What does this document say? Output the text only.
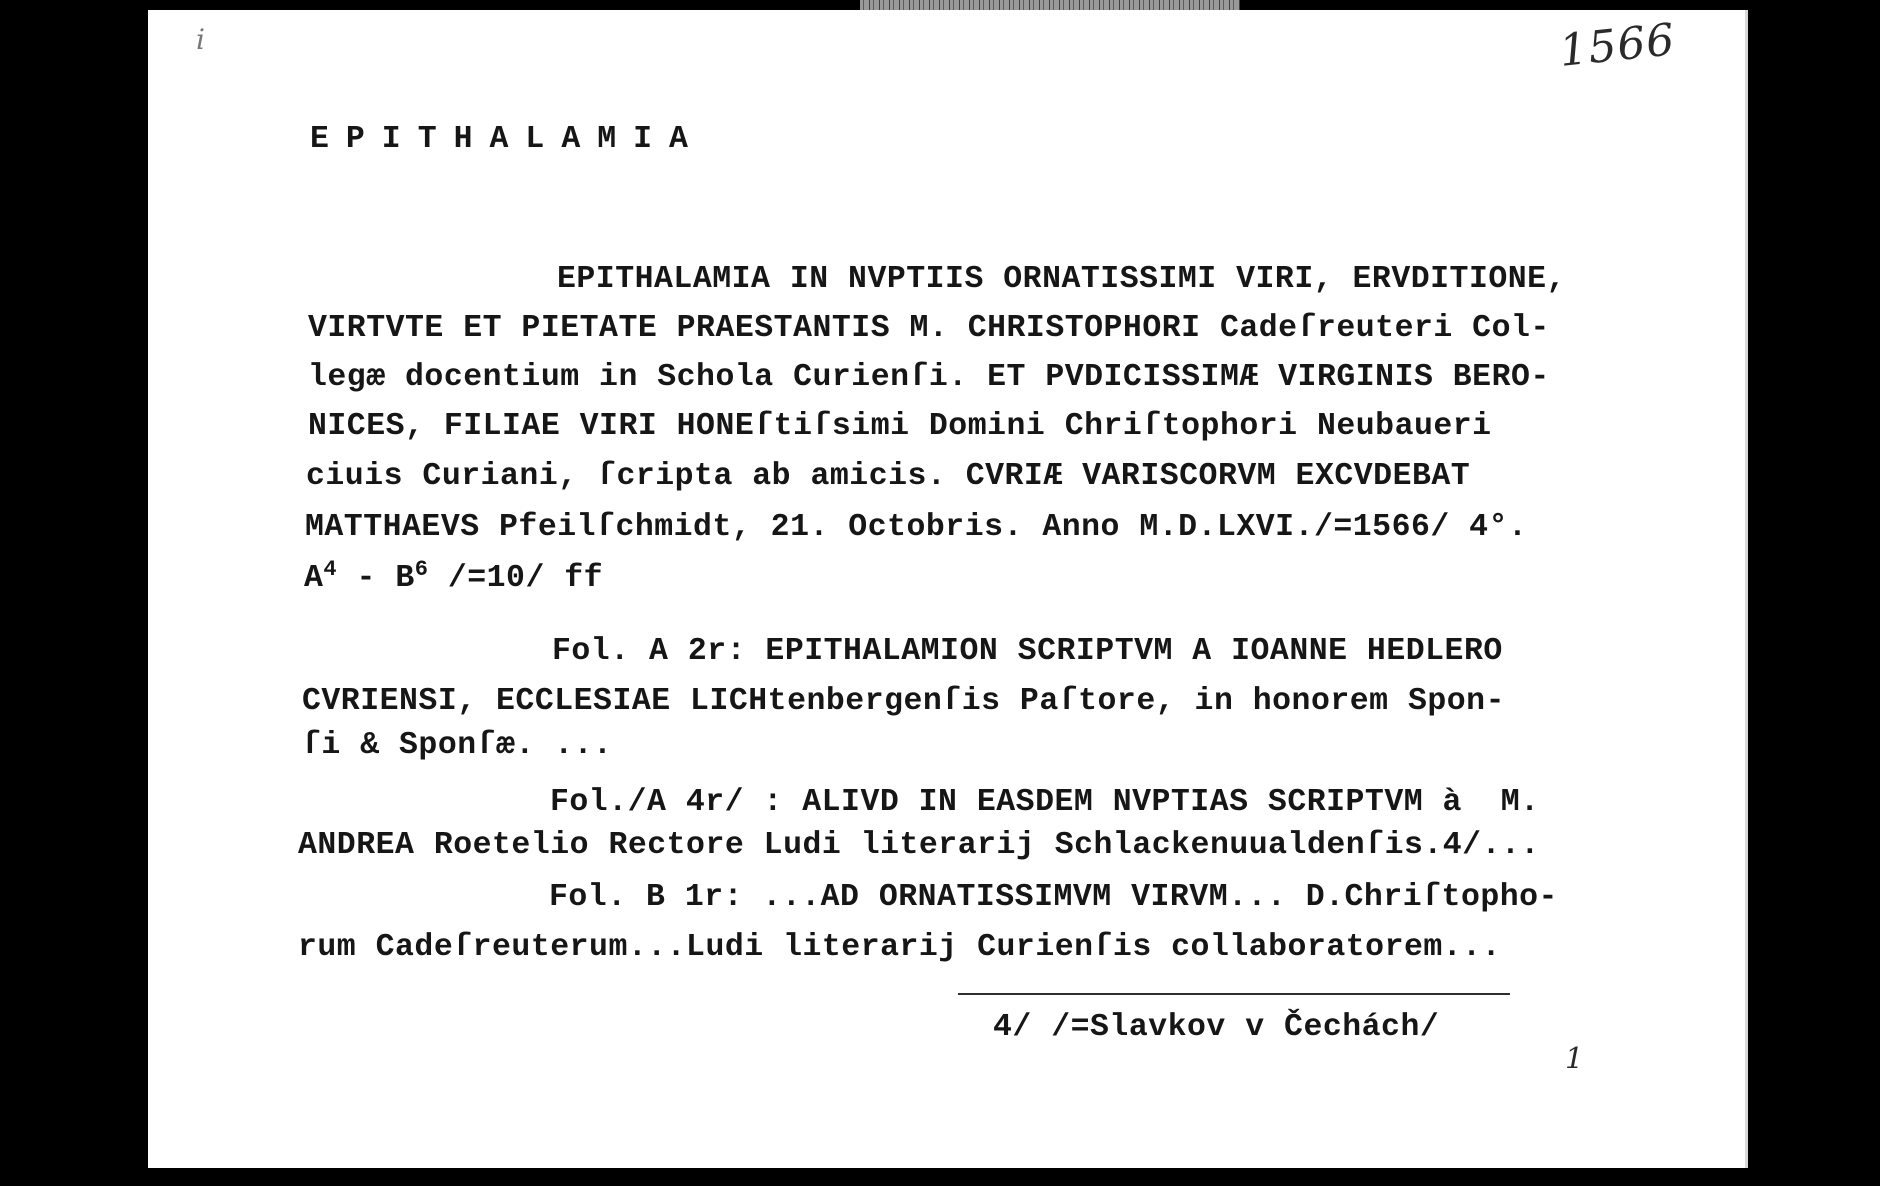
i	1566
EPITHALAMIA
EPITHALAMIA IN NVPTIIS ORNATISSIMI VIRI, ERVDITIONE,
VIRTVTE ET PIETATE PRAESTANTIS M. CHRISTOPHORI Cadeſreuteri Col-
legæ docentium in Schola Curienſi. ET PVDICISSIMÆ VIRGINIS BERO-
NICES, FILIAE VIRI HONEſtiſsimi Domini Chriſtophori Neubaueri
ciuis Curiani, ſcripta ab amicis. CVRIÆ VARISCORVM EXCVDEBAT
MATTHAEVS Pfeilſchmidt, 21. Octobris. Anno M.D.LXVI./=1566/ 4°.
$A^4 - B^6$ /=10/ ff
Fol. A 2r: EPITHALAMION SCRIPTVM A IOANNE HEDLERO
CVRIENSI, ECCLESIAE LICHtenbergenſis Paſtore, in honorem Spon-
ſi & Sponſæ. ...
Fol./A 4r/ : ALIVD IN EASDEM NVPTIAS SCRIPTVM à  M.
ANDREA Roetelio Rectore Ludi literarij Schlackenuualdenſis.4/...
Fol. B 1r: ...AD ORNATISSIMVM VIRVM... D.Chriſtopho-
rum Cadeſreuterum...Ludi literarij Curienſis collaboratorem...
4/ /=Slavkov v Čechách/
1
